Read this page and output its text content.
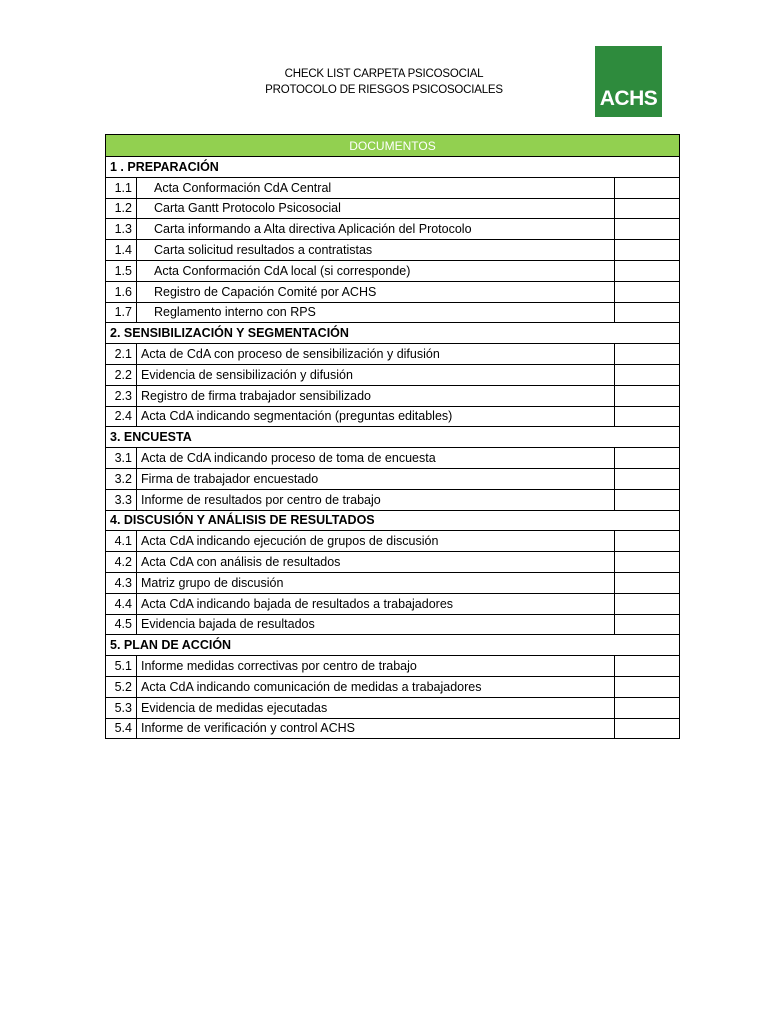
CHECK LIST CARPETA PSICOSOCIAL
PROTOCOLO DE RIESGOS PSICOSOCIALES	ACHS
DOCUMENTOS		
1 . PREPARACIÓN		
1.1	Acta Conformación CdA Central	
1.2	Carta Gantt Protocolo Psicosocial	
1.3	Carta informando a Alta directiva Aplicación del Protocolo	
1.4	Carta solicitud resultados a contratistas	
1.5	Acta Conformación CdA local (si corresponde)	
1.6	Registro de Capación Comité por ACHS	
1.7	Reglamento interno con RPS	
2. SENSIBILIZACIÓN Y SEGMENTACIÓN		
2.1	Acta de CdA con proceso de sensibilización y difusión	
2.2	Evidencia de sensibilización y difusión	
2.3	Registro de firma trabajador sensibilizado	
2.4	Acta CdA indicando segmentación (preguntas editables)	
3. ENCUESTA		
3.1	Acta de CdA indicando proceso de toma de encuesta	
3.2	Firma de trabajador encuestado	
3.3	Informe de resultados por centro de trabajo	
4. DISCUSIÓN Y ANÁLISIS DE RESULTADOS		
4.1	Acta CdA indicando ejecución de grupos de discusión	
4.2	Acta CdA con análisis de resultados	
4.3	Matriz grupo de discusión	
4.4	Acta CdA indicando bajada de resultados a trabajadores	
4.5	Evidencia bajada de resultados	
5. PLAN DE ACCIÓN		
5.1	Informe medidas correctivas por centro de trabajo	
5.2	Acta CdA indicando comunicación de medidas a trabajadores	
5.3	Evidencia de medidas ejecutadas	
5.4	Informe de verificación y control ACHS	
